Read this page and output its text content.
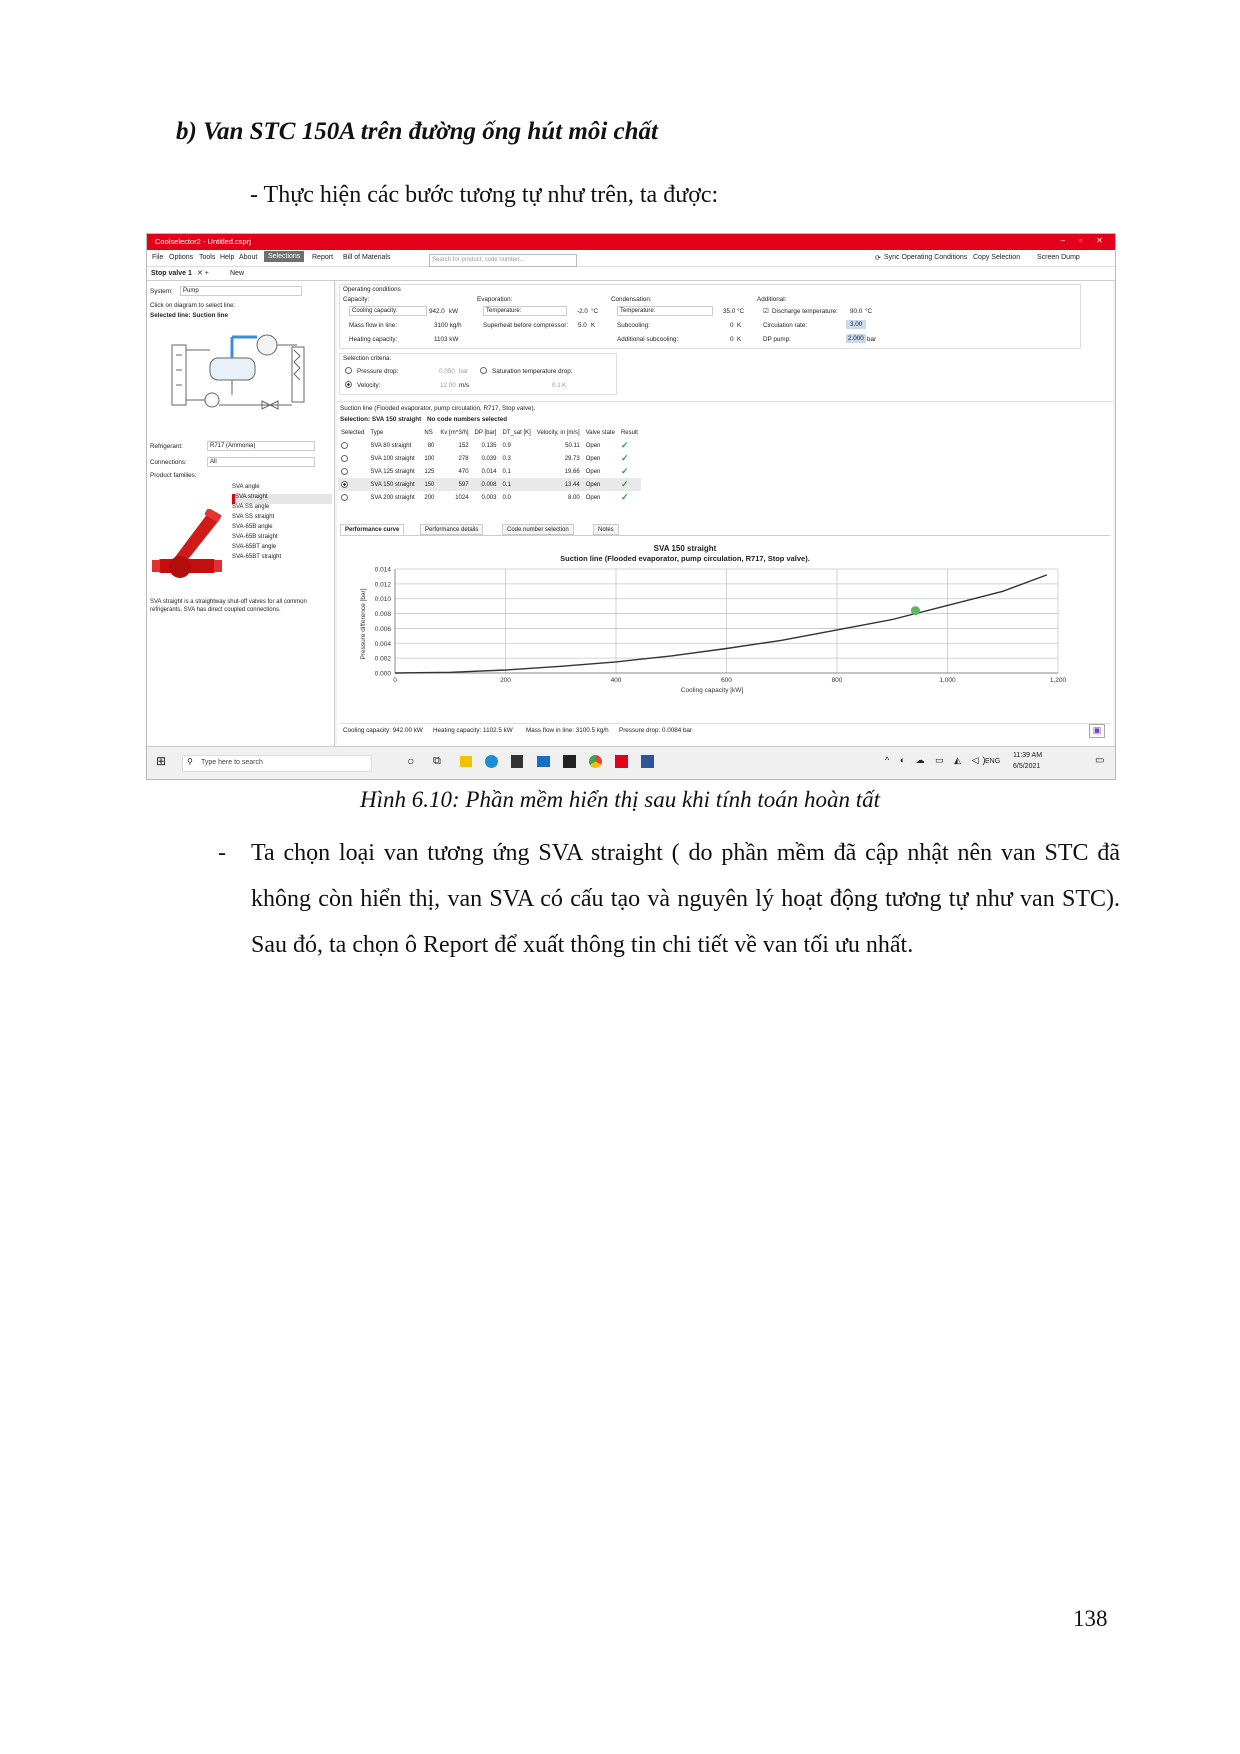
b) Van STC 150A trên đường ống hút môi chất
- Thực hiện các bước tương tự như trên, ta được:
Coolselector2 - Untitled.csprj	– ▫ ✕
File Options Tools Help About	Selections	Report Bill of Materials	Search for product, code number...	⟳ Sync Operating Conditions Copy Selection Screen Dump
Stop valve 1 ✕ +	New
System:	Pump
Click on diagram to select line:
Selected line: Suction line
Refrigerant:	R717 (Ammonia)
Connections:	All
Product families:
SVA angle
SVA straight
SVA SS angle
SVA SS straight
SVA-65B angle
SVA-65B straight
SVA-65BT angle
SVA-65BT straight
SVA straight is a straightway shut-off valves for all common refrigerants. SVA has direct coupled connections.
Operating conditions
Capacity:
Cooling capacity:	942.0 kW
Mass flow in line:	3100 kg/h
Heating capacity:	1103 kW
Evaporation:
Temperature:	-2.0 °C
Superheat before compressor: 5.0 K
Condensation:
Temperature:	35.0 °C
Subcooling:	0 K
Additional subcooling:	0 K
Additional:
☑ Discharge temperature: 90.0 °C
Circulation rate:	3.00
DP pump:	2.000 bar
Selection criteria:
Pressure drop:	0.050 bar
Velocity:	12.00 m/s
Saturation temperature drop:
0.1 K
Suction line (Flooded evaporator, pump circulation, R717, Stop valve).
Selection: SVA 150 straight No code numbers selected
Selected	Type	NS	Kv [m^3/h]	DP [bar]	DT_sat [K]	Velocity, in [m/s]	Valve state	Result
	SVA 80 straight	80	152	0.135	0.9	50.11	Open	✓
	SVA 100 straight	100	278	0.039	0.3	29.73	Open	✓
	SVA 125 straight	125	470	0.014	0.1	19.66	Open	✓
	SVA 150 straight	150	597	0.008	0.1	13.44	Open	✓
	SVA 200 straight	200	1024	0.003	0.0	8.00	Open	✓
Performance curve	Performance details	Code number selection	Notes
SVA 150 straight
Suction line (Flooded evaporator, pump circulation, R717, Stop valve).
Cooling capacity [kW]
Pressure difference [bar]
0	200	400	600	800	1,000	1,200
0.000
0.002
0.004
0.006
0.008
0.010
0.012
0.014
Cooling capacity: 942.00 kW Heating capacity: 1102.5 kW Mass flow in line: 3100.5 kg/h Pressure drop: 0.0084 bar	▣
⊞	Type here to search
⚲	○ ⧉	^ ◐ ☁ ▭ ◭ ◁)
ENG
11:39 AM
6/5/2021
▭
Hình 6.10: Phần mềm hiển thị sau khi tính toán hoàn tất
- Ta chọn loại van tương ứng SVA straight ( do phần mềm đã cập nhật nên van STC đã không còn hiển thị, van SVA có cấu tạo và nguyên lý hoạt động tương tự như van STC). Sau đó, ta chọn ô Report để xuất thông tin chi tiết về van tối ưu nhất.
138
